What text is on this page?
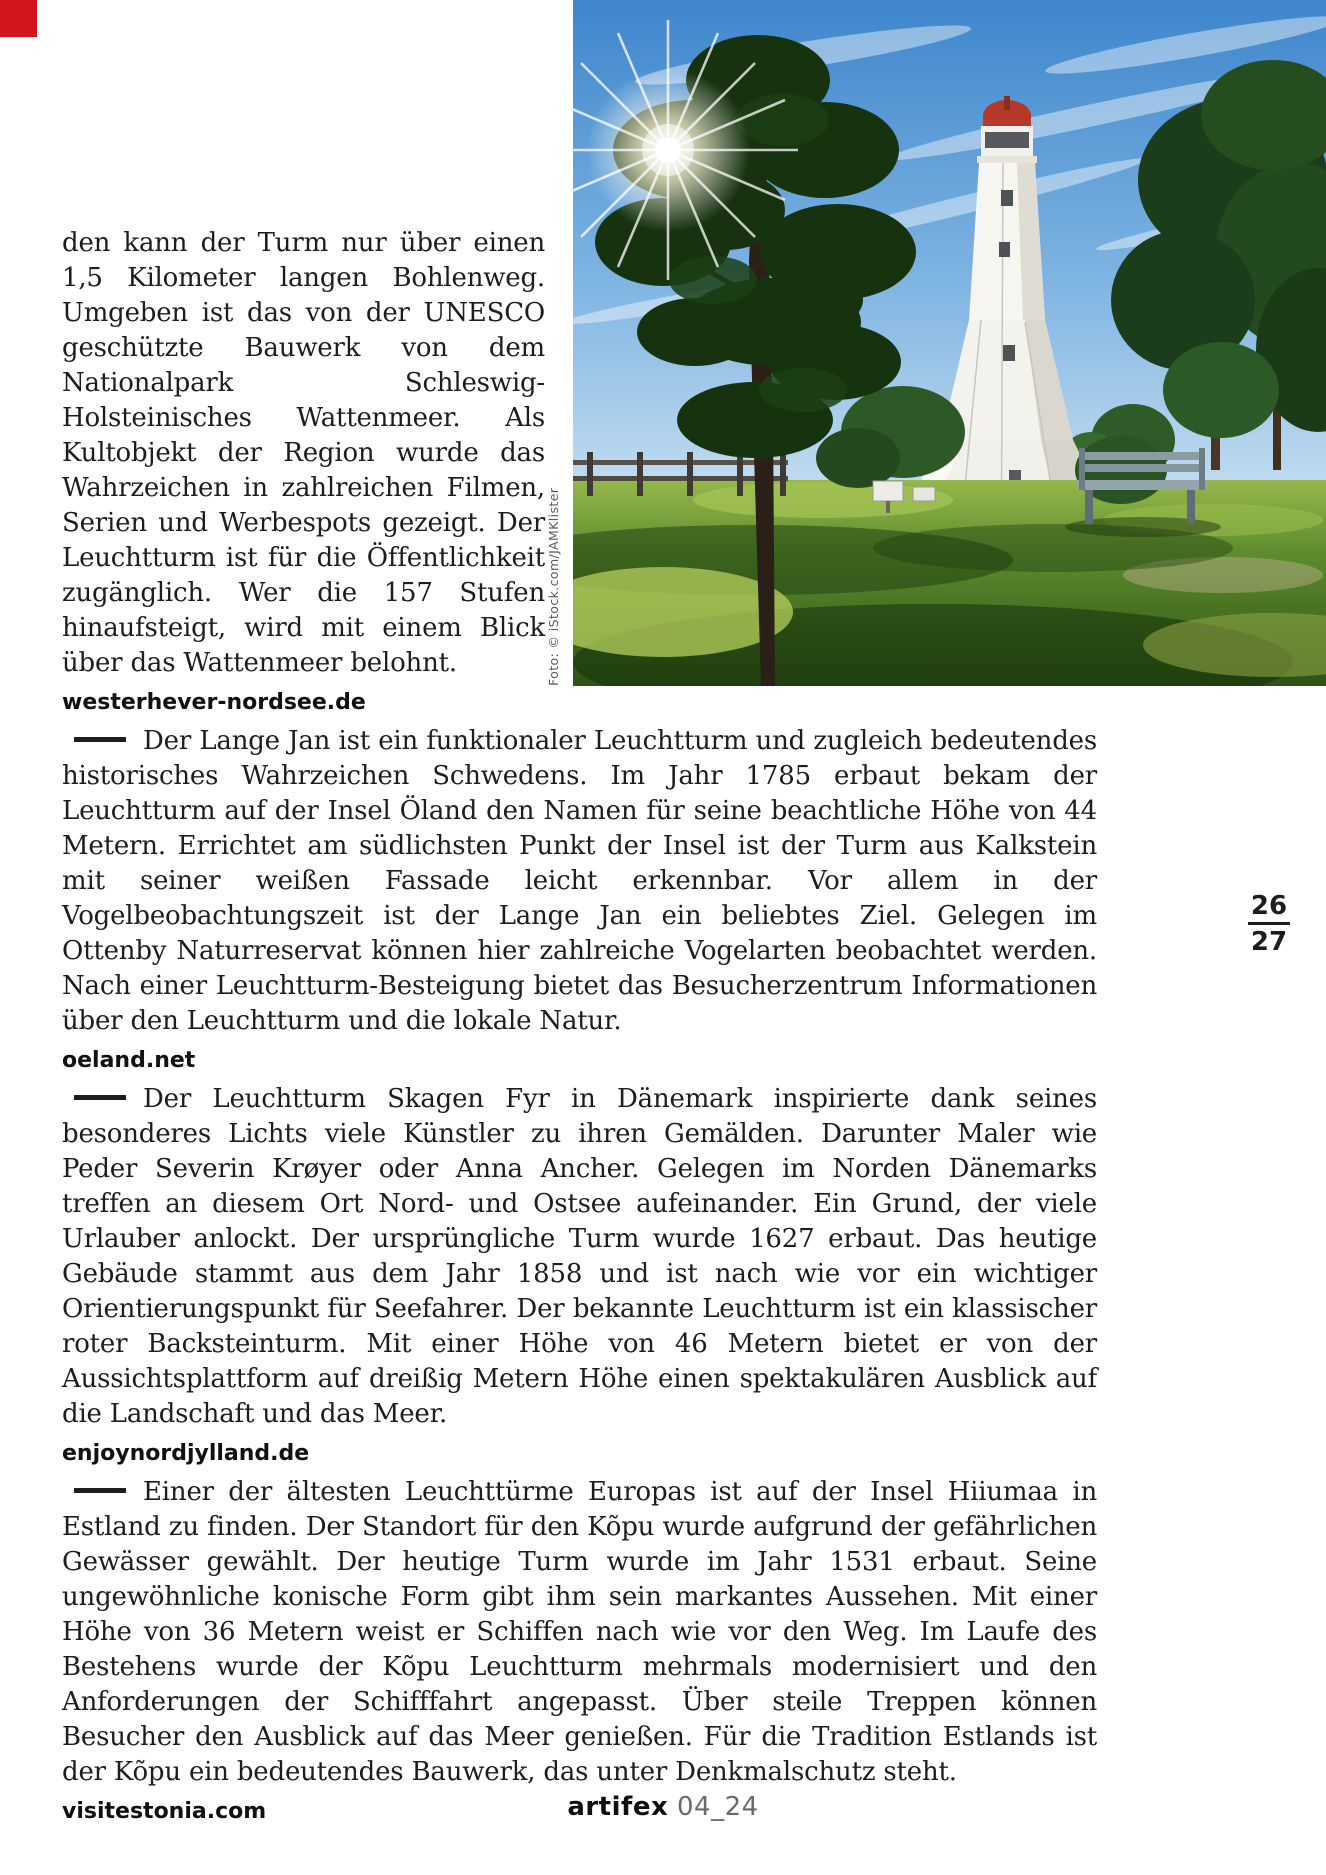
Foto: © iStock.com/JAMKlister

den kann der Turm nur über einen 1,5 Kilometer langen Bohlenweg. Umgeben ist das von der UNESCO geschützte Bauwerk von dem Nationalpark Schleswig-Holsteinisches Wattenmeer. Als Kultobjekt der Region wurde das Wahrzeichen in zahlreichen Filmen, Serien und Werbespots gezeigt. Der Leuchtturm ist für die Öffentlichkeit zugänglich. Wer die 157 Stufen hinaufsteigt, wird mit einem Blick über das Wattenmeer belohnt.

westerhever-nordsee.de

Der Lange Jan ist ein funktionaler Leuchtturm und zugleich bedeutendes historisches Wahrzeichen Schwedens. Im Jahr 1785 erbaut bekam der Leuchtturm auf der Insel Öland den Namen für seine beachtliche Höhe von 44 Metern. Errichtet am südlichsten Punkt der Insel ist der Turm aus Kalkstein mit seiner weißen Fassade leicht erkennbar. Vor allem in der Vogelbeobachtungszeit ist der Lange Jan ein beliebtes Ziel. Gelegen im Ottenby Naturreservat können hier zahlreiche Vogelarten beobachtet werden. Nach einer Leuchtturm-Besteigung bietet das Besucherzentrum Informationen über den Leuchtturm und die lokale Natur.

oeland.net

Der Leuchtturm Skagen Fyr in Dänemark inspirierte dank seines besonderes Lichts viele Künstler zu ihren Gemälden. Darunter Maler wie Peder Severin Krøyer oder Anna Ancher. Gelegen im Norden Dänemarks treffen an diesem Ort Nord- und Ostsee aufeinander. Ein Grund, der viele Urlauber anlockt. Der ursprüngliche Turm wurde 1627 erbaut. Das heutige Gebäude stammt aus dem Jahr 1858 und ist nach wie vor ein wichtiger Orientierungspunkt für Seefahrer. Der bekannte Leuchtturm ist ein klassischer roter Backsteinturm. Mit einer Höhe von 46 Metern bietet er von der Aussichtsplattform auf dreißig Metern Höhe einen spektakulären Ausblick auf die Landschaft und das Meer.

enjoynordjylland.de

Einer der ältesten Leuchttürme Europas ist auf der Insel Hiiumaa in Estland zu finden. Der Standort für den Kõpu wurde aufgrund der gefährlichen Gewässer gewählt. Der heutige Turm wurde im Jahr 1531 erbaut. Seine ungewöhnliche konische Form gibt ihm sein markantes Aussehen. Mit einer Höhe von 36 Metern weist er Schiffen nach wie vor den Weg. Im Laufe des Bestehens wurde der Kõpu Leuchtturm mehrmals modernisiert und den Anforderungen der Schifffahrt angepasst. Über steile Treppen können Besucher den Ausblick auf das Meer genießen. Für die Tradition Estlands ist der Kõpu ein bedeutendes Bauwerk, das unter Denkmalschutz steht.

visitestonia.com

26
27
artifex 04_24
